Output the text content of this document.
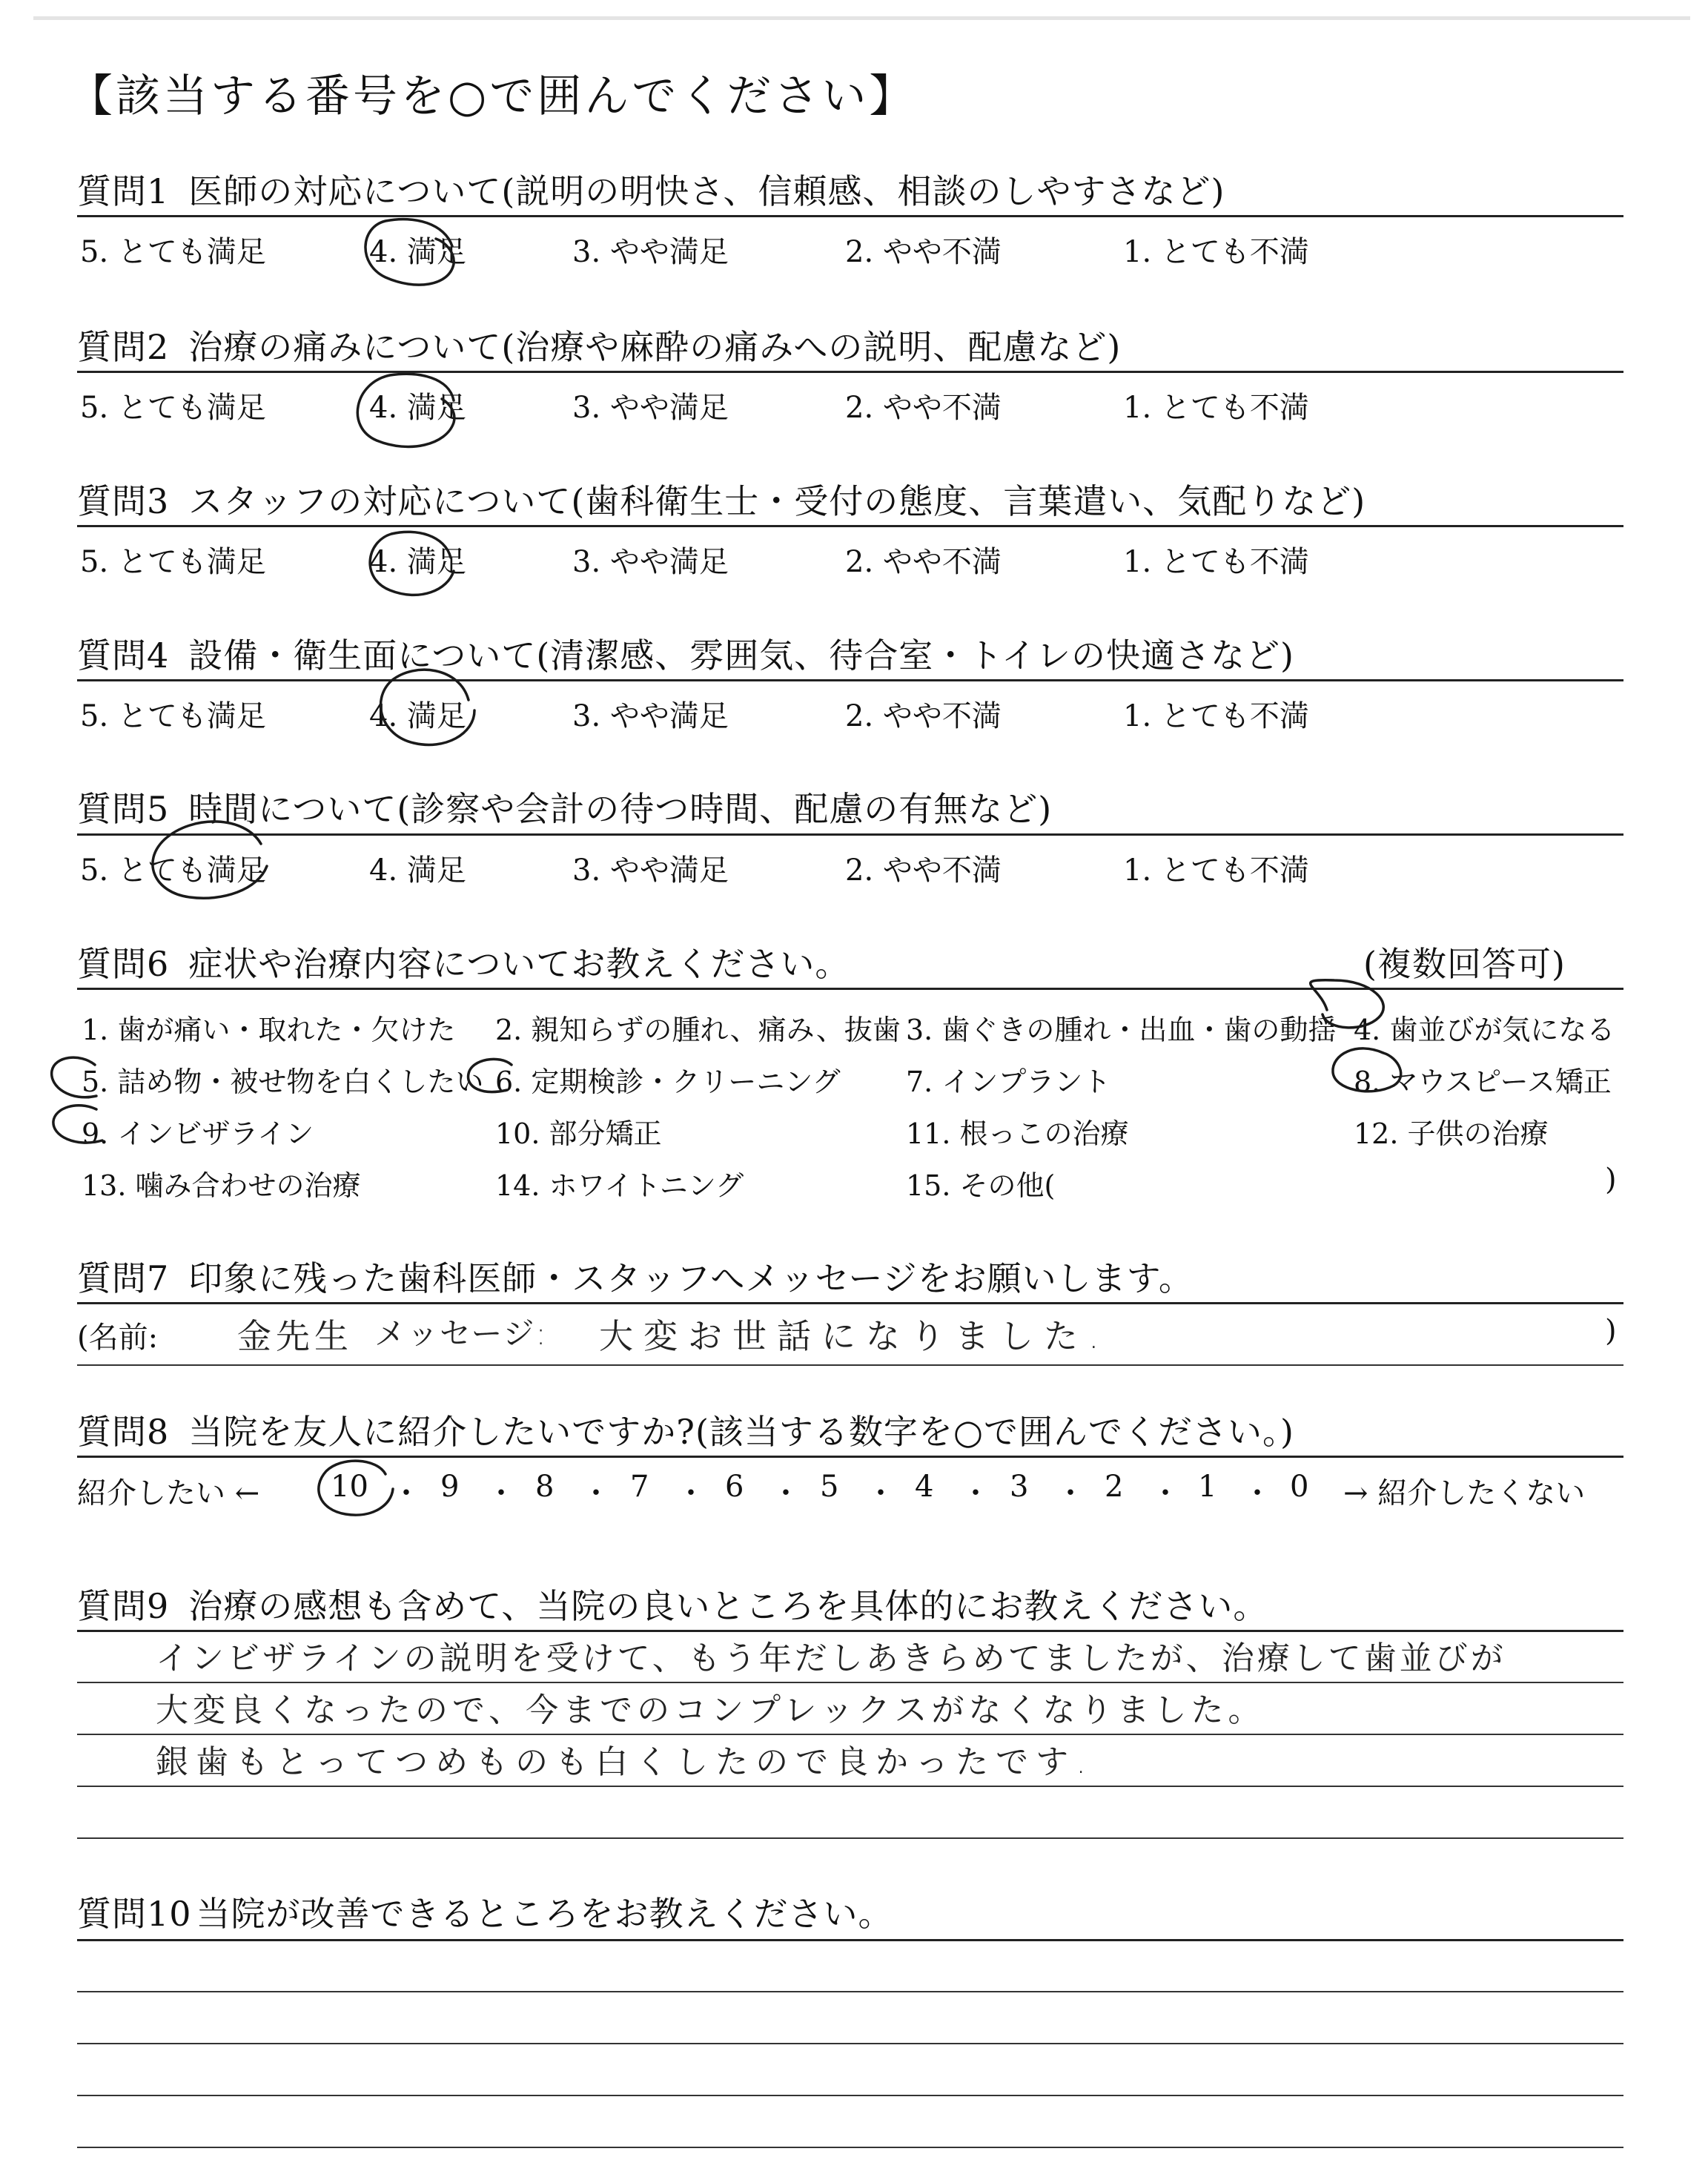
【該当する番号を○で囲んでください】
質問1 医師の対応について(説明の明快さ、信頼感、相談のしやすさなど)
5. とても満足	4. 満足	3. やや満足	2. やや不満	1. とても不満
質問2 治療の痛みについて(治療や麻酔の痛みへの説明、配慮など)
5. とても満足	4. 満足	3. やや満足	2. やや不満	1. とても不満
質問3 スタッフの対応について(歯科衛生士・受付の態度、言葉遣い、気配りなど)
5. とても満足	4. 満足	3. やや満足	2. やや不満	1. とても不満
質問4 設備・衛生面について(清潔感、雰囲気、待合室・トイレの快適さなど)
5. とても満足	4. 満足	3. やや満足	2. やや不満	1. とても不満
質問5 時間について(診察や会計の待つ時間、配慮の有無など)
5. とても満足	4. 満足	3. やや満足	2. やや不満	1. とても不満
質問6 症状や治療内容についてお教えください。	(複数回答可)
1. 歯が痛い・取れた・欠けた 2. 親知らずの腫れ、痛み、抜歯 3. 歯ぐきの腫れ・出血・歯の動揺 4. 歯並びが気になる
5. 詰め物・被せ物を白くしたい 6. 定期検診・クリーニング 7. インプラント	8. マウスピース矯正
9. インビザライン	10. 部分矯正	11. 根っこの治療	12. 子供の治療
13. 噛み合わせの治療	14. ホワイトニング	15. その他(	)
質問7 印象に残った歯科医師・スタッフへメッセージをお願いします。
(名前: 金先生 メッセージ: 大変お世話になりました.	)
質問8 当院を友人に紹介したいですか?(該当する数字を○で囲んでください。)
紹介したい ← 10 ・ 9 ・ 8 ・ 7 ・ 6 ・ 5 ・ 4 ・ 3 ・ 2 ・ 1 ・ 0 → 紹介したくない
質問9 治療の感想も含めて、当院の良いところを具体的にお教えください。
インビザラインの説明を受けて、もう年だしあきらめてましたが、治療して歯並びが
大変良くなったので、今までのコンプレックスがなくなりました。
銀歯もとってつめものも白くしたので良かったです.
質問10 当院が改善できるところをお教えください。
